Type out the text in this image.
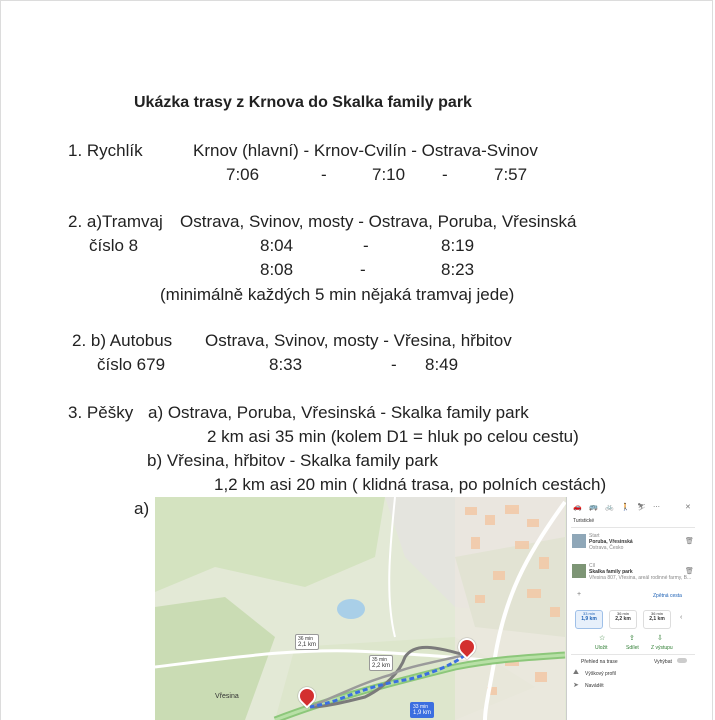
Ukázka trasy z Krnova do Skalka family park
1. Rychlík	Krnov (hlavní) - Krnov-Cvilín - Ostrava-Svinov
7:06	-	7:10 -	7:57
2. a)Tramvaj Ostrava, Svinov, mosty - Ostrava, Poruba, Vřesinská
číslo 8	8:04	-	8:19
8:08	-	8:23
(minimálně každých 5 min nějaká tramvaj jede)
2. b) Autobus Ostrava, Svinov, mosty - Vřesina, hřbitov
číslo 679	8:33	- 8:49
3. Pěšky a) Ostrava, Poruba, Vřesinská - Skalka family park
2 km asi 35 min (kolem D1 = hluk po celou cestu)
b) Vřesina, hřbitov - Skalka family park
1,2 km asi 20 min ( klidná trasa, po polních cestách)
a)
36 min
2,1 km
35 min
2,2 km
33 min
1,9 km
Vřesina
🚗 🚌 🚲 🚶 ⛷ ⋯	✕
Turistické
Start
Poruba, Vřesinská
Ostrava, Česko
🗑
Cíl
Skalka family park
Vřesina 807, Vřesina, areál rodinné farmy, B...
🗑
+	Zpětná cesta
33 min
1,9 km
36 min
2,2 km
36 min
2,1 km	‹
☆	⇪	⇩
Uložit	Sdílet Z výstupu
Přehled na trase	Vyhýbat
⛰ Výškový profil
➤ Navádět
